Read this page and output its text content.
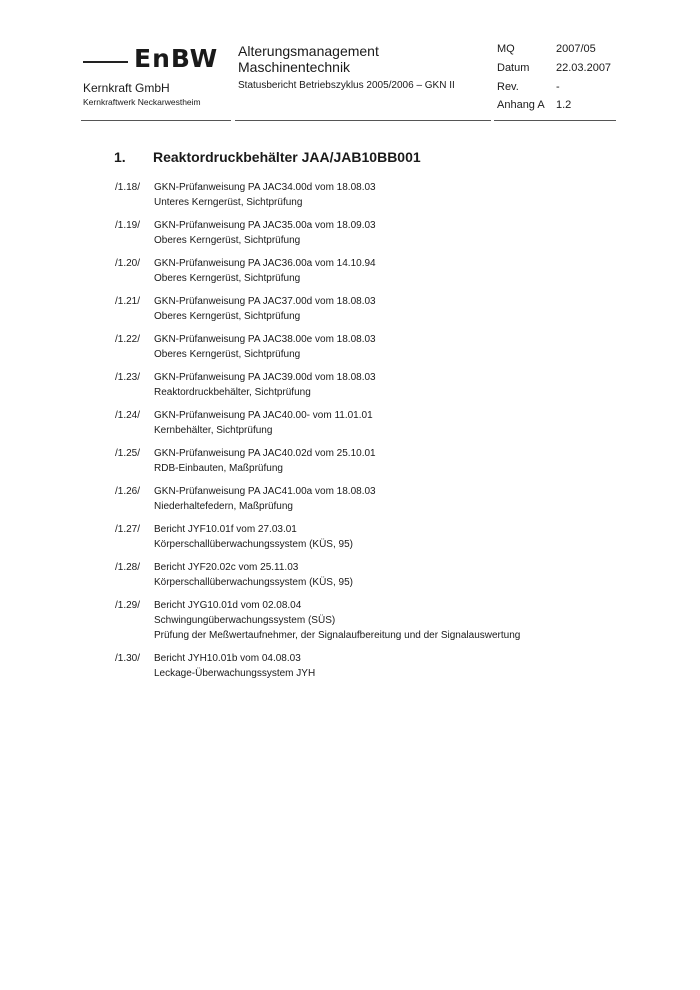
EnBW
Kernkraft GmbH
Kernkraftwerk Neckarwestheim
Alterungsmanagement
Maschinentechnik
Statusbericht Betriebszyklus 2005/2006 – GKN II
MQ	2007/05
Datum 22.03.2007
Rev.	-
Anhang A 1.2
1. Reaktordruckbehälter JAA/JAB10BB001
/1.18/ GKN-Prüfanweisung PA JAC34.00d vom 18.08.03
Unteres Kerngerüst, Sichtprüfung
/1.19/ GKN-Prüfanweisung PA JAC35.00a vom 18.09.03
Oberes Kerngerüst, Sichtprüfung
/1.20/ GKN-Prüfanweisung PA JAC36.00a vom 14.10.94
Oberes Kerngerüst, Sichtprüfung
/1.21/ GKN-Prüfanweisung PA JAC37.00d vom 18.08.03
Oberes Kerngerüst, Sichtprüfung
/1.22/ GKN-Prüfanweisung PA JAC38.00e vom 18.08.03
Oberes Kerngerüst, Sichtprüfung
/1.23/ GKN-Prüfanweisung PA JAC39.00d vom 18.08.03
Reaktordruckbehälter, Sichtprüfung
/1.24/ GKN-Prüfanweisung PA JAC40.00- vom 11.01.01
Kernbehälter, Sichtprüfung
/1.25/ GKN-Prüfanweisung PA JAC40.02d vom 25.10.01
RDB-Einbauten, Maßprüfung
/1.26/ GKN-Prüfanweisung PA JAC41.00a vom 18.08.03
Niederhaltefedern, Maßprüfung
/1.27/ Bericht JYF10.01f vom 27.03.01
Körperschallüberwachungssystem (KÜS, 95)
/1.28/ Bericht JYF20.02c vom 25.11.03
Körperschallüberwachungssystem (KÜS, 95)
/1.29/ Bericht JYG10.01d vom 02.08.04
Schwingungüberwachungssystem (SÜS)
Prüfung der Meßwertaufnehmer, der Signalaufbereitung und der Signalauswertung
/1.30/ Bericht JYH10.01b vom 04.08.03
Leckage-Überwachungssystem JYH
